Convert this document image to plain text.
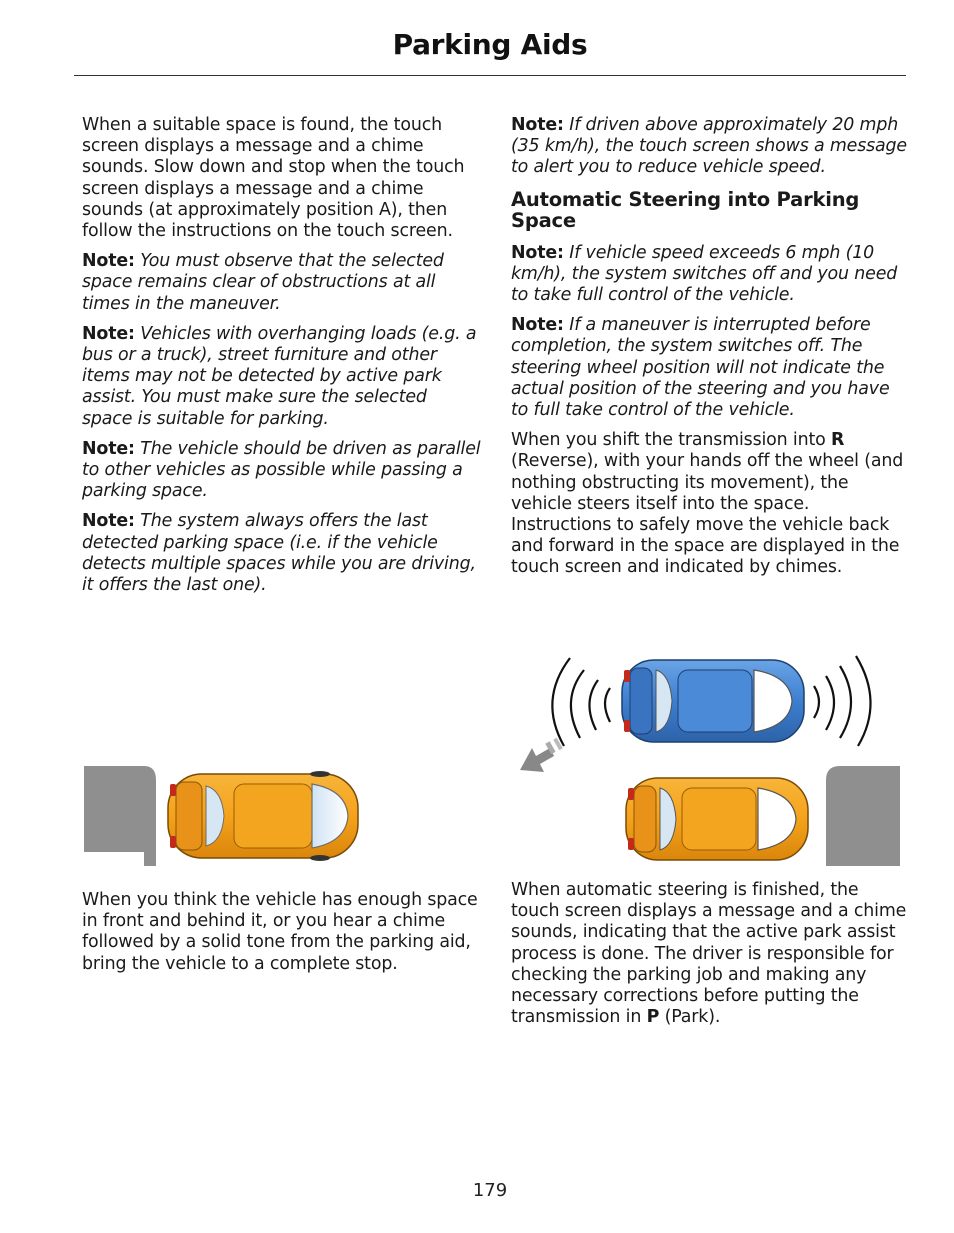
Parking Aids

When a suitable space is found, the touch screen displays a message and a chime sounds. Slow down and stop when the touch screen displays a message and a chime sounds (at approximately position A), then follow the instructions on the touch screen.

Note: You must observe that the selected space remains clear of obstructions at all times in the maneuver.

Note: Vehicles with overhanging loads (e.g. a bus or a truck), street furniture and other items may not be detected by active park assist. You must make sure the selected space is suitable for parking.

Note: The vehicle should be driven as parallel to other vehicles as possible while passing a parking space.

Note: The system always offers the last detected parking space (i.e. if the vehicle detects multiple spaces while you are driving, it offers the last one).

When you think the vehicle has enough space in front and behind it, or you hear a chime followed by a solid tone from the parking aid, bring the vehicle to a complete stop.

Note: If driven above approximately 20 mph (35 km/h), the touch screen shows a message to alert you to reduce vehicle speed.

Automatic Steering into Parking Space

Note: If vehicle speed exceeds 6 mph (10 km/h), the system switches off and you need to take full control of the vehicle.

Note: If a maneuver is interrupted before completion, the system switches off. The steering wheel position will not indicate the actual position of the steering and you have to full take control of the vehicle.

When you shift the transmission into R (Reverse), with your hands off the wheel (and nothing obstructing its movement), the vehicle steers itself into the space. Instructions to safely move the vehicle back and forward in the space are displayed in the touch screen and indicated by chimes.

When automatic steering is finished, the touch screen displays a message and a chime sounds, indicating that the active park assist process is done. The driver is responsible for checking the parking job and making any necessary corrections before putting the transmission in P (Park).

179
